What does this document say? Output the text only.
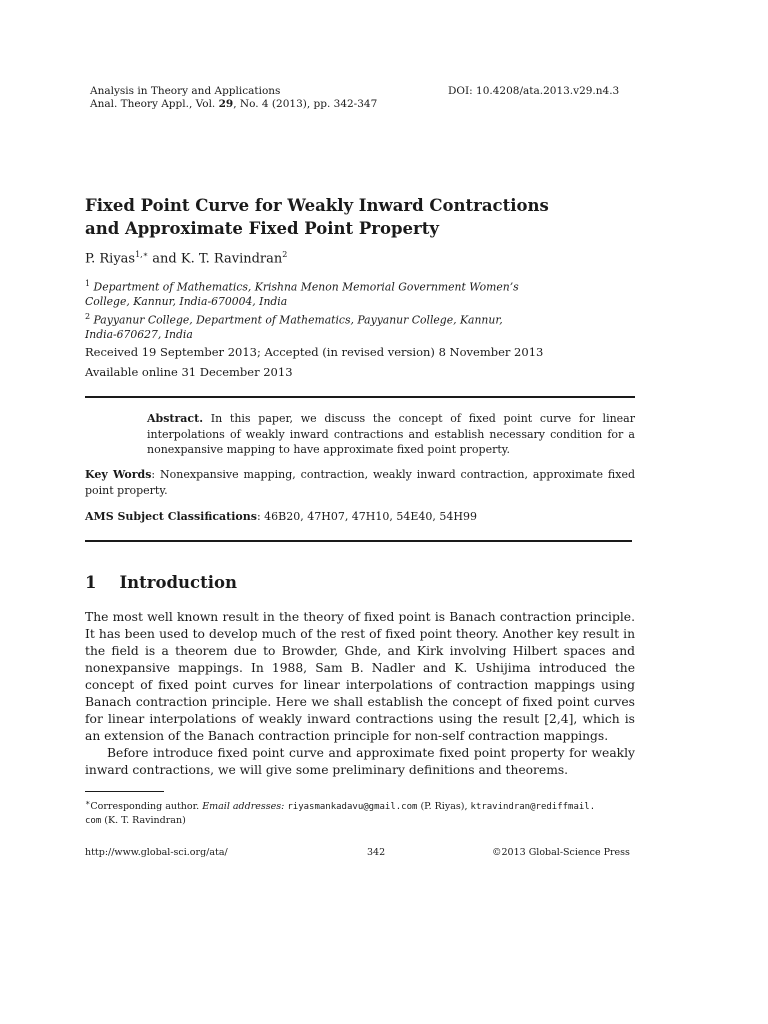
Analysis in Theory and Applications
Anal. Theory Appl., Vol. 29, No. 4 (2013), pp. 342-347
DOI: 10.4208/ata.2013.v29.n4.3
Fixed Point Curve for Weakly Inward Contractions
and Approximate Fixed Point Property
P. Riyas$^{1,∗}$ and K. T. Ravindran$^2$
$^1$ Department of Mathematics, Krishna Menon Memorial Government Women’s
College, Kannur, India-670004, India
$^2$ Payyanur College, Department of Mathematics, Payyanur College, Kannur,
India-670627, India
Received 19 September 2013; Accepted (in revised version) 8 November 2013
Available online 31 December 2013
Abstract. In this paper, we discuss the concept of fixed point curve for linear interpolations of weakly inward contractions and establish necessary condition for a nonexpansive mapping to have approximate fixed point property.
Key Words: Nonexpansive mapping, contraction, weakly inward contraction, approximate fixed point property.
AMS Subject Classifications: 46B20, 47H07, 47H10, 54E40, 54H99
1 Introduction
The most well known result in the theory of fixed point is Banach contraction principle. It has been used to develop much of the rest of fixed point theory. Another key result in the field is a theorem due to Browder, Ghde, and Kirk involving Hilbert spaces and nonexpansive mappings. In 1988, Sam B. Nadler and K. Ushijima introduced the concept of fixed point curves for linear interpolations of contraction mappings using Banach contraction principle. Here we shall establish the concept of fixed point curves for linear interpolations of weakly inward contractions using the result [2,4], which is an extension of the Banach contraction principle for non-self contraction mappings.
Before introduce fixed point curve and approximate fixed point property for weakly inward contractions, we will give some preliminary definitions and theorems.
∗Corresponding author. Email addresses: riyasmankadavu@gmail.com (P. Riyas), ktravindran@rediffmail.
com (K. T. Ravindran)
http://www.global-sci.org/ata/	342	©2013 Global-Science Press
